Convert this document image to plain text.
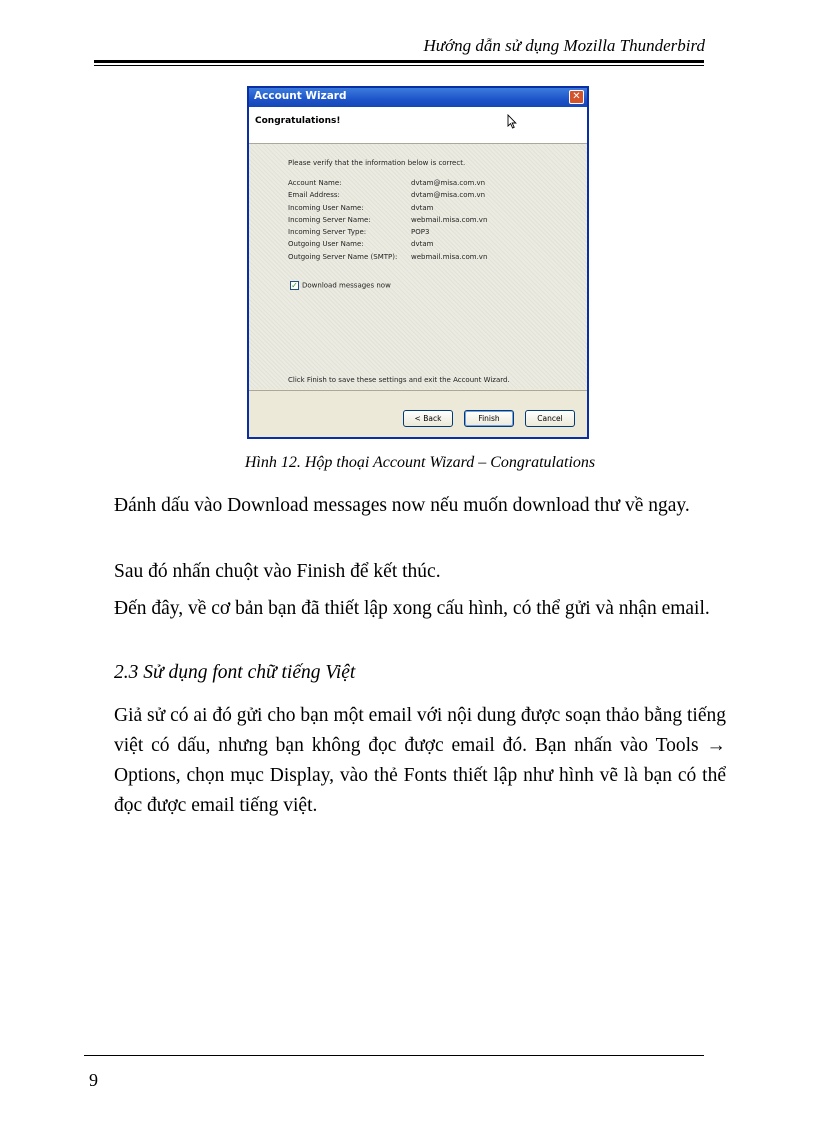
Hướng dẫn sử dụng Mozilla Thunderbird
Account Wizard	✕
Congratulations!
Please verify that the information below is correct.
Account Name:	dvtam@misa.com.vn
Email Address:	dvtam@misa.com.vn
Incoming User Name:	dvtam
Incoming Server Name:	webmail.misa.com.vn
Incoming Server Type:	POP3
Outgoing User Name:	dvtam
Outgoing Server Name (SMTP): webmail.misa.com.vn
✓ Download messages now
Click Finish to save these settings and exit the Account Wizard.
< Back	Finish	Cancel
Hình 12. Hộp thoại Account Wizard – Congratulations

Đánh dấu vào Download messages now nếu muốn download thư về ngay.

Sau đó nhấn chuột vào Finish để kết thúc.

Đến đây, về cơ bản bạn đã thiết lập xong cấu hình, có thể gửi và nhận email.

2.3 Sử dụng font chữ tiếng Việt

Giả sử có ai đó gửi cho bạn một email với nội dung được soạn thảo bằng tiếng việt có dấu, nhưng bạn không đọc được email đó. Bạn nhấn vào Tools → Options, chọn mục Display, vào thẻ Fonts thiết lập như hình vẽ là bạn có thể đọc được email tiếng việt.

9
